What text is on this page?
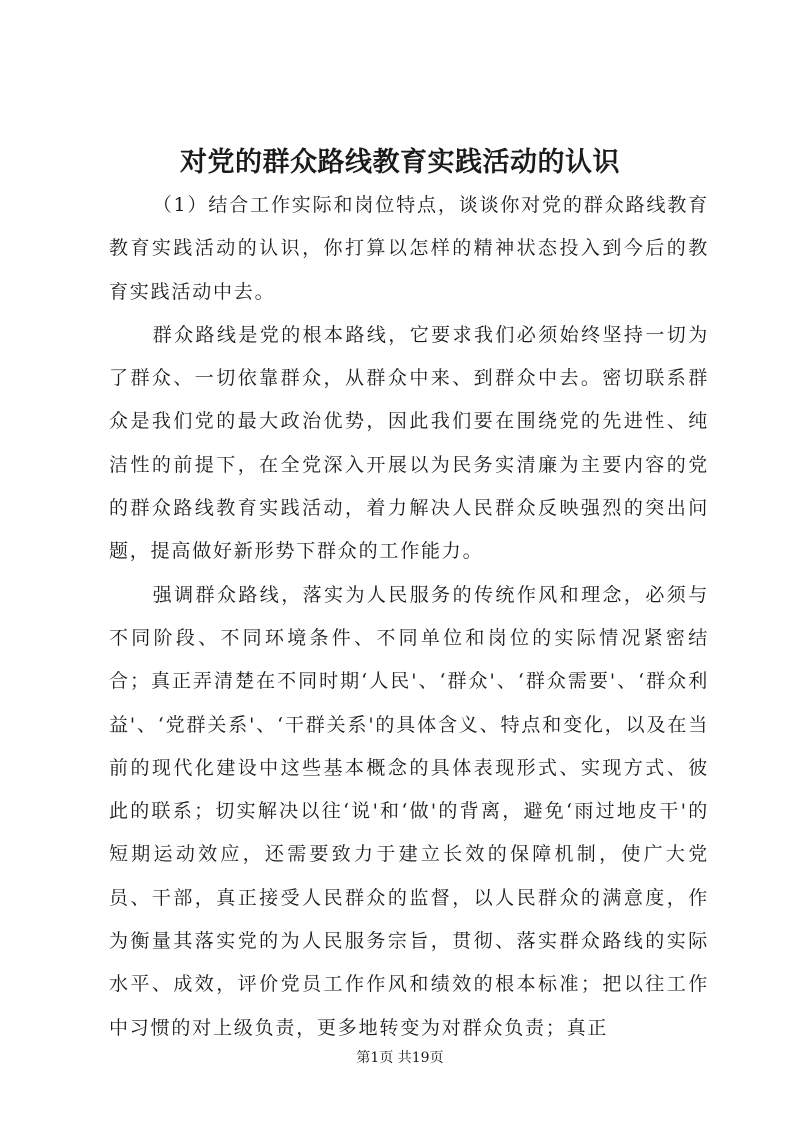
对党的群众路线教育实践活动的认识

（1）结合工作实际和岗位特点，谈谈你对党的群众路线教育教育实践活动的认识，你打算以怎样的精神状态投入到今后的教育实践活动中去。

群众路线是党的根本路线，它要求我们必须始终坚持一切为了群众、一切依靠群众，从群众中来、到群众中去。密切联系群众是我们党的最大政治优势，因此我们要在围绕党的先进性、纯洁性的前提下，在全党深入开展以为民务实清廉为主要内容的党的群众路线教育实践活动，着力解决人民群众反映强烈的突出问题，提高做好新形势下群众的工作能力。

强调群众路线，落实为人民服务的传统作风和理念，必须与不同阶段、不同环境条件、不同单位和岗位的实际情况紧密结合；真正弄清楚在不同时期‘人民'、‘群众'、‘群众需要'、‘群众利益'、‘党群关系'、‘干群关系'的具体含义、特点和变化，以及在当前的现代化建设中这些基本概念的具体表现形式、实现方式、彼此的联系；切实解决以往‘说'和‘做'的背离，避免‘雨过地皮干'的短期运动效应，还需要致力于建立长效的保障机制，使广大党员、干部，真正接受人民群众的监督，以人民群众的满意度，作为衡量其落实党的为人民服务宗旨，贯彻、落实群众路线的实际水平、成效，评价党员工作作风和绩效的根本标准；把以往工作中习惯的对上级负责，更多地转变为对群众负责；真正

第1页 共19页
